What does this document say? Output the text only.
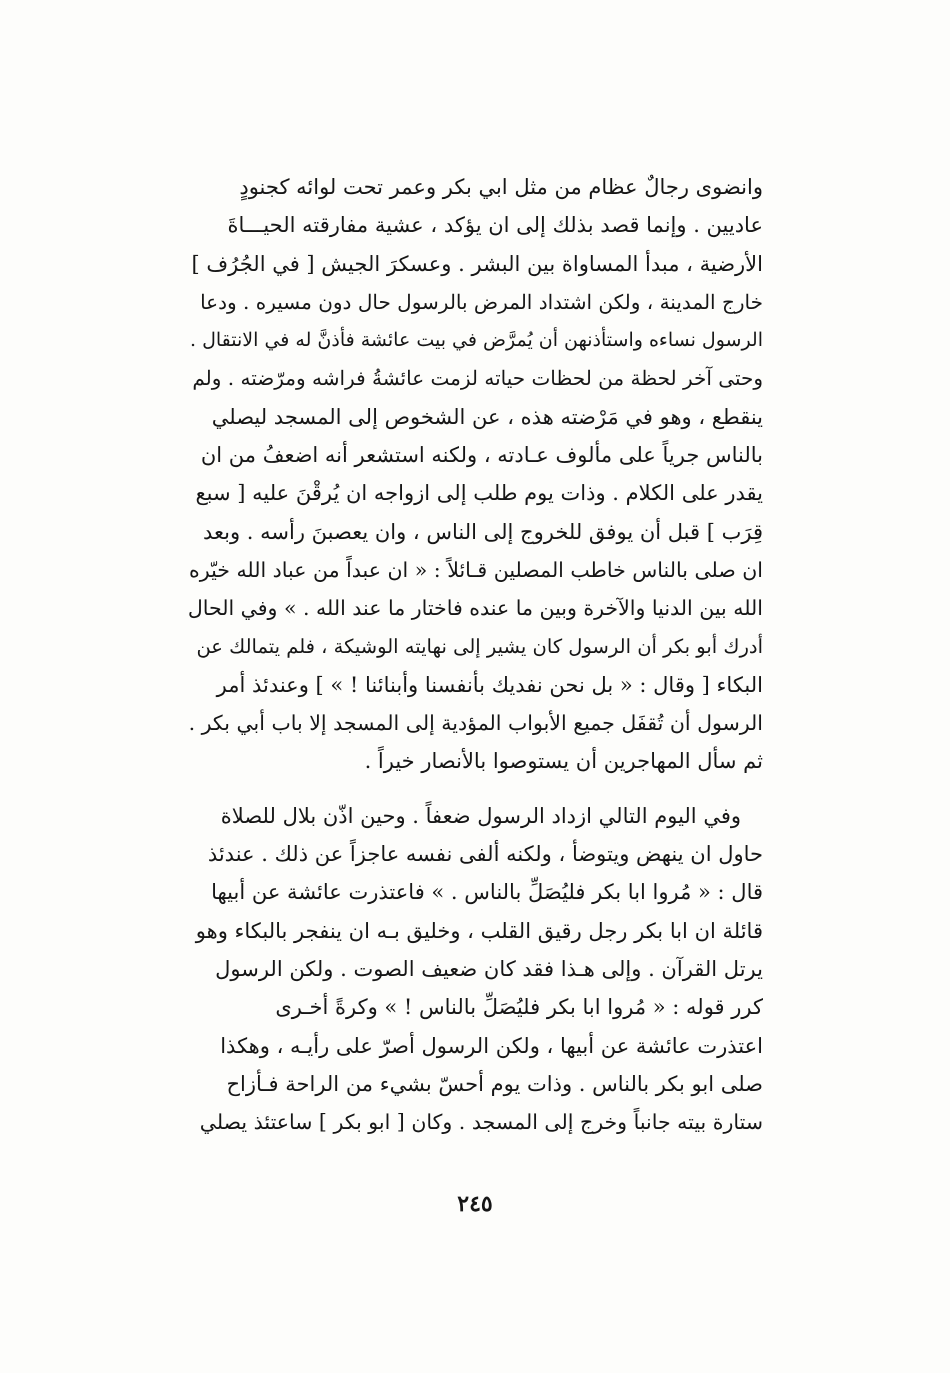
وانضوى رجالٌ عظام من مثل ابي بكر وعمر تحت لوائه كجنودٍ
عاديين . وإنما قصد بذلك إلى ان يؤكد ، عشية مفارقته الحيـــاةَ
الأرضية ، مبدأ المساواة بين البشر . وعسكرَ الجيش [ في الجُرُف ]
خارج المدينة ، ولكن اشتداد المرض بالرسول حال دون مسيره . ودعا
الرسول نساءه واستأذنهن أن يُمرَّض في بيت عائشة فأذنَّ له في الانتقال .
وحتى آخر لحظة من لحظات حياته لزمت عائشةُ فراشه ومرّضته . ولم
ينقطع ، وهو في مَرْضته هذه ، عن الشخوص إلى المسجد ليصلي
بالناس جرياً على مألوف عـادته ، ولكنه استشعر أنه اضعفُ من ان
يقدر على الكلام . وذات يوم طلب إلى ازواجه ان يُرقْنَ عليه [ سبع
قِرَب ] قبل أن يوفق للخروج إلى الناس ، وان يعصبنَ رأسه . وبعد
ان صلى بالناس خاطب المصلين قـائلاً : « ان عبداً من عباد الله خيّره
الله بين الدنيا والآخرة وبين ما عنده فاختار ما عند الله . » وفي الحال
أدرك أبو بكر أن الرسول كان يشير إلى نهايته الوشيكة ، فلم يتمالك عن
البكاء [ وقال : « بل نحن نفديك بأنفسنا وأبنائنا ! » ] وعندئذ أمر
الرسول أن تُقفَل جميع الأبواب المؤدية إلى المسجد إلا باب أبي بكر .
ثم سأل المهاجرين أن يستوصوا بالأنصار خيراً .
وفي اليوم التالي ازداد الرسول ضعفاً . وحين اذّن بلال للصلاة
حاول ان ينهض ويتوضأ ، ولكنه ألفى نفسه عاجزاً عن ذلك . عندئذ
قال : « مُروا ابا بكر فليُصَلِّ بالناس . » فاعتذرت عائشة عن أبيها
قائلة ان ابا بكر رجل رقيق القلب ، وخليق بـه ان ينفجر بالبكاء وهو
يرتل القرآن . وإلى هـذا فقد كان ضعيف الصوت . ولكن الرسول
كرر قوله : « مُروا ابا بكر فليُصَلِّ بالناس ! » وكرةً أخـرى
اعتذرت عائشة عن أبيها ، ولكن الرسول أصرّ على رأيـه ، وهكذا
صلى ابو بكر بالناس . وذات يوم أحسّ بشيء من الراحة فـأزاح
ستارة بيته جانباً وخرج إلى المسجد . وكان [ ابو بكر ] ساعتئذ يصلي
٢٤٥
